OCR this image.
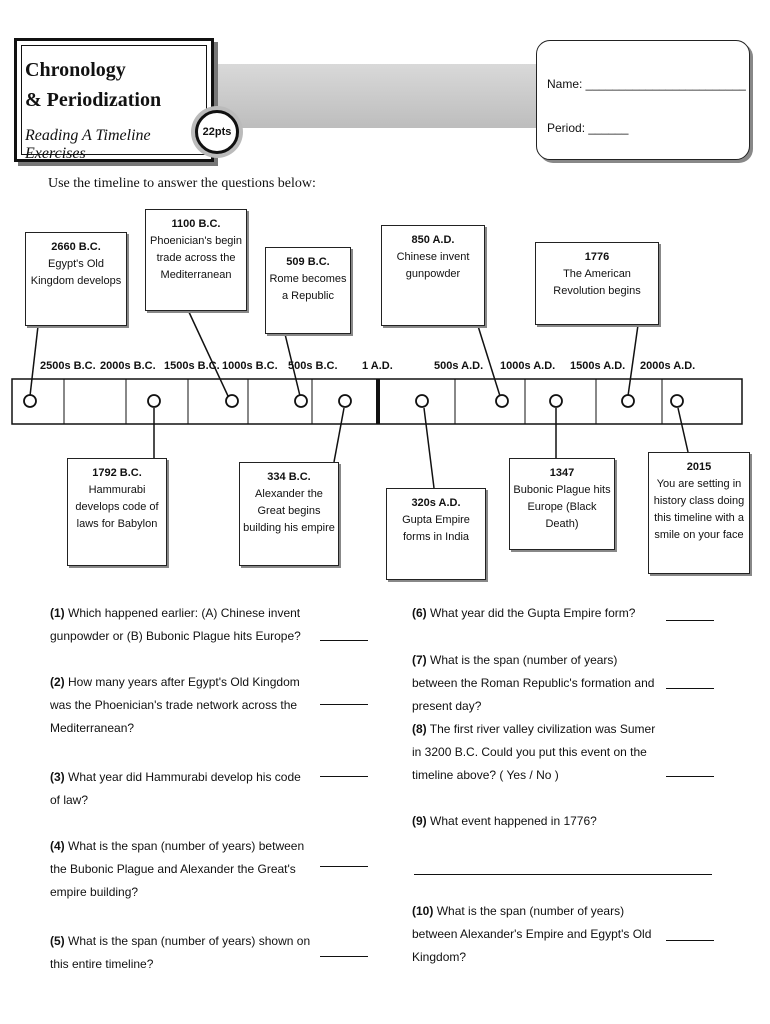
Chronology
& Periodization
Reading A Timeline Exercises
22pts
Name: ________________________
Period: ______
Use the timeline to answer the questions below:
2500s B.C. 2000s B.C. 1500s B.C. 1000s B.C. 500s B.C. 1 A.D.	500s A.D. 1000s A.D. 1500s A.D. 2000s A.D.
2660 B.C.
Egypt's Old
Kingdom develops
1100 B.C.
Phoenician's begin
trade across the
Mediterranean
509 B.C.
Rome becomes
a Republic
850 A.D.
Chinese invent
gunpowder
1776
The American
Revolution begins
1792 B.C.
Hammurabi
develops code of
laws for Babylon
334 B.C.
Alexander the
Great begins
building his empire
320s A.D.
Gupta Empire
forms in India
1347
Bubonic Plague hits
Europe (Black Death)
2015
You are setting in
history class doing
this timeline with a
smile on your face
(1) Which happened earlier: (A) Chinese invent gunpowder or (B) Bubonic Plague hits Europe?
(2) How many years after Egypt's Old Kingdom was the Phoenician's trade network across the Mediterranean?
(3) What year did Hammurabi develop his code of law?
(4) What is the span (number of years) between the Bubonic Plague and Alexander the Great's empire building?
(5) What is the span (number of years) shown on this entire timeline?
(6) What year did the Gupta Empire form?
(7) What is the span (number of years) between the Roman Republic's formation and present day?
(8) The first river valley civilization was Sumer in 3200 B.C. Could you put this event on the timeline above? ( Yes / No )
(9) What event happened in 1776?
(10) What is the span (number of years) between Alexander's Empire and Egypt's Old Kingdom?
